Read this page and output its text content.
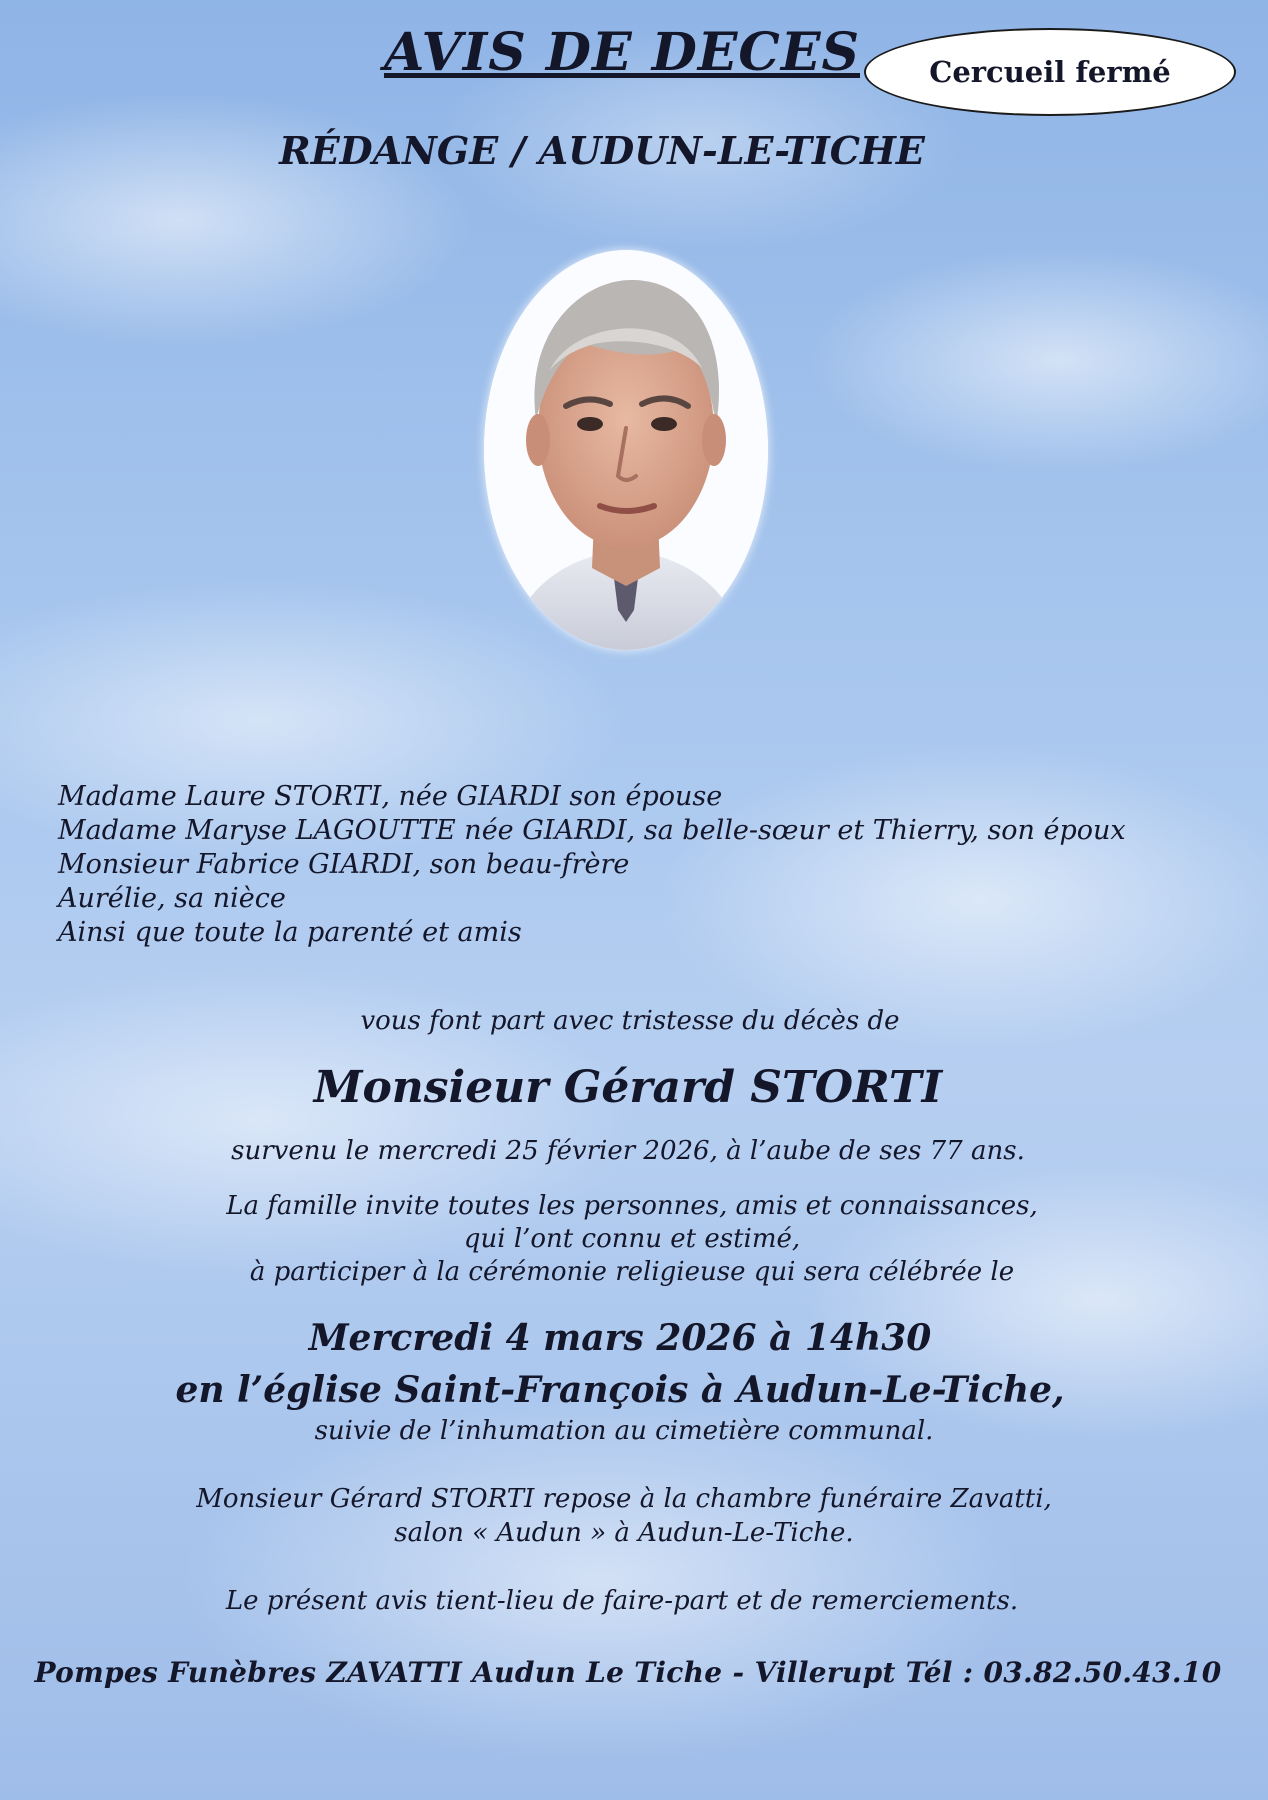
AVIS DE DECES	Cercueil fermé
RÉDANGE / AUDUN-LE-TICHE
Madame Laure STORTI, née GIARDI son épouse
Madame Maryse LAGOUTTE née GIARDI, sa belle-sœur et Thierry, son époux
Monsieur Fabrice GIARDI, son beau-frère
Aurélie, sa nièce
Ainsi que toute la parenté et amis

vous font part avec tristesse du décès de

Monsieur Gérard STORTI

survenu le mercredi 25 février 2026, à l’aube de ses 77 ans.

La famille invite toutes les personnes, amis et connaissances,
qui l’ont connu et estimé,
à participer à la cérémonie religieuse qui sera célébrée le
Mercredi 4 mars 2026 à 14h30
en l’église Saint-François à Audun-Le-Tiche,

suivie de l’inhumation au cimetière communal.

Monsieur Gérard STORTI repose à la chambre funéraire Zavatti,
salon « Audun » à Audun-Le-Tiche.

Le présent avis tient-lieu de faire-part et de remerciements.

Pompes Funèbres ZAVATTI Audun Le Tiche - Villerupt Tél : 03.82.50.43.10
